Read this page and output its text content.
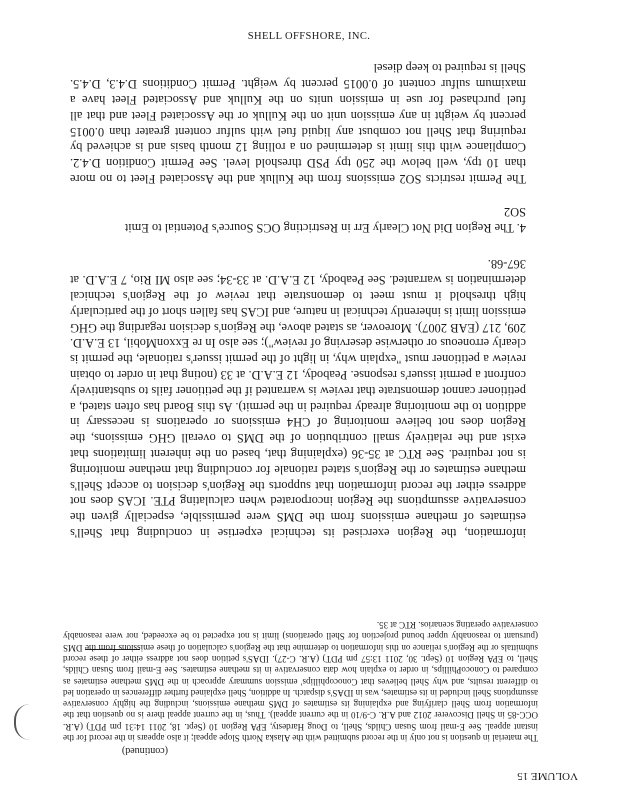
SHELL OFFSHORE, INC.
VOLUME 15
(continued)
The material in question is not only in the record submitted with the Alaska North Slope appeal; it also appears in the record for the instant appeal. See E-mail from Susan Childs, Shell, to Doug Hardesty, EPA Region 10 (Sept. 18, 2011 14:31 pm PDT) (A.R. OCC-85 in Shell Discoverer 2012 and A.R. C-9/10 in the current appeal). Thus, in the current appeal there is no question that the information from Shell clarifying and explaining its estimates of DMS methane emissions, including the highly conservative assumptions Shell included in its estimates, was in IDAS's dispatch. In addition, Shell explained further differences in operation led to different results, and why Shell believes that Conocophillips' emission summary approach in the DMS methane estimates as compared to ConocoPhillips, in order to explain how data conservative in its methane estimates. See E-mail from Susan Childs, Shell, to EPA Region 10 (Sept. 30, 2011 13:57 pm PDT) (A.R. C-27). IDAS's petition does not address either of these record submittals or the Region's reliance on this information to determine that the Region's calculation of these emissions from the DMS (pursuant to reasonably upper bound projection for Shell operations) limit is not expected to be exceeded, nor were reasonably conservative operating scenarios. RTC at 35.
information, the Region exercised its technical expertise in concluding that Shell's estimates of methane emissions from the DMS were permissible, especially given the conservative assumptions the Region incorporated when calculating PTE. ICAS does not address either the record information that supports the Region's decision to accept Shell's methane estimates or the Region's stated rationale for concluding that methane monitoring is not required. See RTC at 35-36 (explaining that, based on the inherent limitations that exist and the relatively small contribution of the DMS to overall GHG emissions, the Region does not believe monitoring of CH4 emissions or operations is necessary in addition to the monitoring already required in the permit). As this Board has often stated, a petitioner cannot demonstrate that review is warranted if the petitioner fails to substantively confront a permit issuer's response. Peabody, 12 E.A.D. at 33 (noting that in order to obtain review a petitioner must "explain why, in light of the permit issuer's rationale, the permit is clearly erroneous or otherwise deserving of review"); see also In re ExxonMobil, 13 E.A.D. 209, 217 (EAB 2007). Moreover, as stated above, the Region's decision regarding the GHG emission limit is inherently technical in nature, and ICAS has fallen short of the particularly high threshold it must meet to demonstrate that review of the Region's technical determination is warranted. See Peabody, 12 E.A.D. at 33-34; see also MI Rio, 7 E.A.D. at 367-68.
4. The Region Did Not Clearly Err in Restricting OCS Source's Potential to Emit SO2
The Permit restricts SO2 emissions from the Kulluk and the Associated Fleet to no more than 10 tpy, well below the 250 tpy PSD threshold level. See Permit Condition D.4.2. Compliance with this limit is determined on a rolling 12 month basis and is achieved by requiring that Shell not combust any liquid fuel with sulfur content greater than 0.0015 percent by weight in any emission unit on the Kulluk or the Associated Fleet and that all fuel purchased for use in emission units on the Kulluk and Associated Fleet have a maximum sulfur content of 0.0015 percent by weight. Permit Conditions D.4.3, D.4.5. Shell is required to keep diesel
